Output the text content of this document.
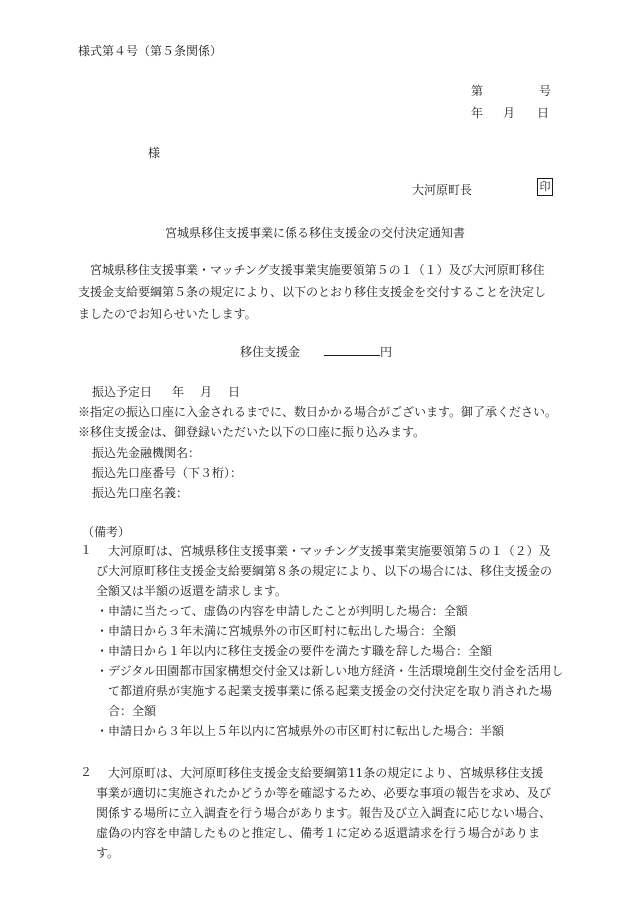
様式第４号（第５条関係）
第	号
年 月 日
様
大河原町長	印
宮城県移住支援事業に係る移住支援金の交付決定通知書
宮城県移住支援事業・マッチング支援事業実施要領第５の１（１）及び大河原町移住支援金支給要綱第５条の規定により、以下のとおり移住支援金を交付することを決定しましたのでお知らせいたします。
移住支援金	円
振込予定日 年 月 日
※指定の振込口座に入金されるまでに、数日かかる場合がございます。御了承ください。
※移住支援金は、御登録いただいた以下の口座に振り込みます。
振込先金融機関名：
振込先口座番号（下３桁）：
振込先口座名義：
（備考）
１	大河原町は、宮城県移住支援事業・マッチング支援事業実施要領第５の１（２）及び大河原町移住支援金支給要綱第８条の規定により、以下の場合には、移住支援金の全額又は半額の返還を請求します。
・申請に当たって、虚偽の内容を申請したことが判明した場合：全額
・申請日から３年未満に宮城県外の市区町村に転出した場合：全額
・申請日から１年以内に移住支援金の要件を満たす職を辞した場合：全額
・デジタル田園都市国家構想交付金又は新しい地方経済・生活環境創生交付金を活用して都道府県が実施する起業支援事業に係る起業支援金の交付決定を取り消された場合：全額
・申請日から３年以上５年以内に宮城県外の市区町村に転出した場合：半額
２	大河原町は、大河原町移住支援金支給要綱第11条の規定により、宮城県移住支援事業が適切に実施されたかどうか等を確認するため、必要な事項の報告を求め、及び関係する場所に立入調査を行う場合があります。報告及び立入調査に応じない場合、虚偽の内容を申請したものと推定し、備考１に定める返還請求を行う場合があります。
